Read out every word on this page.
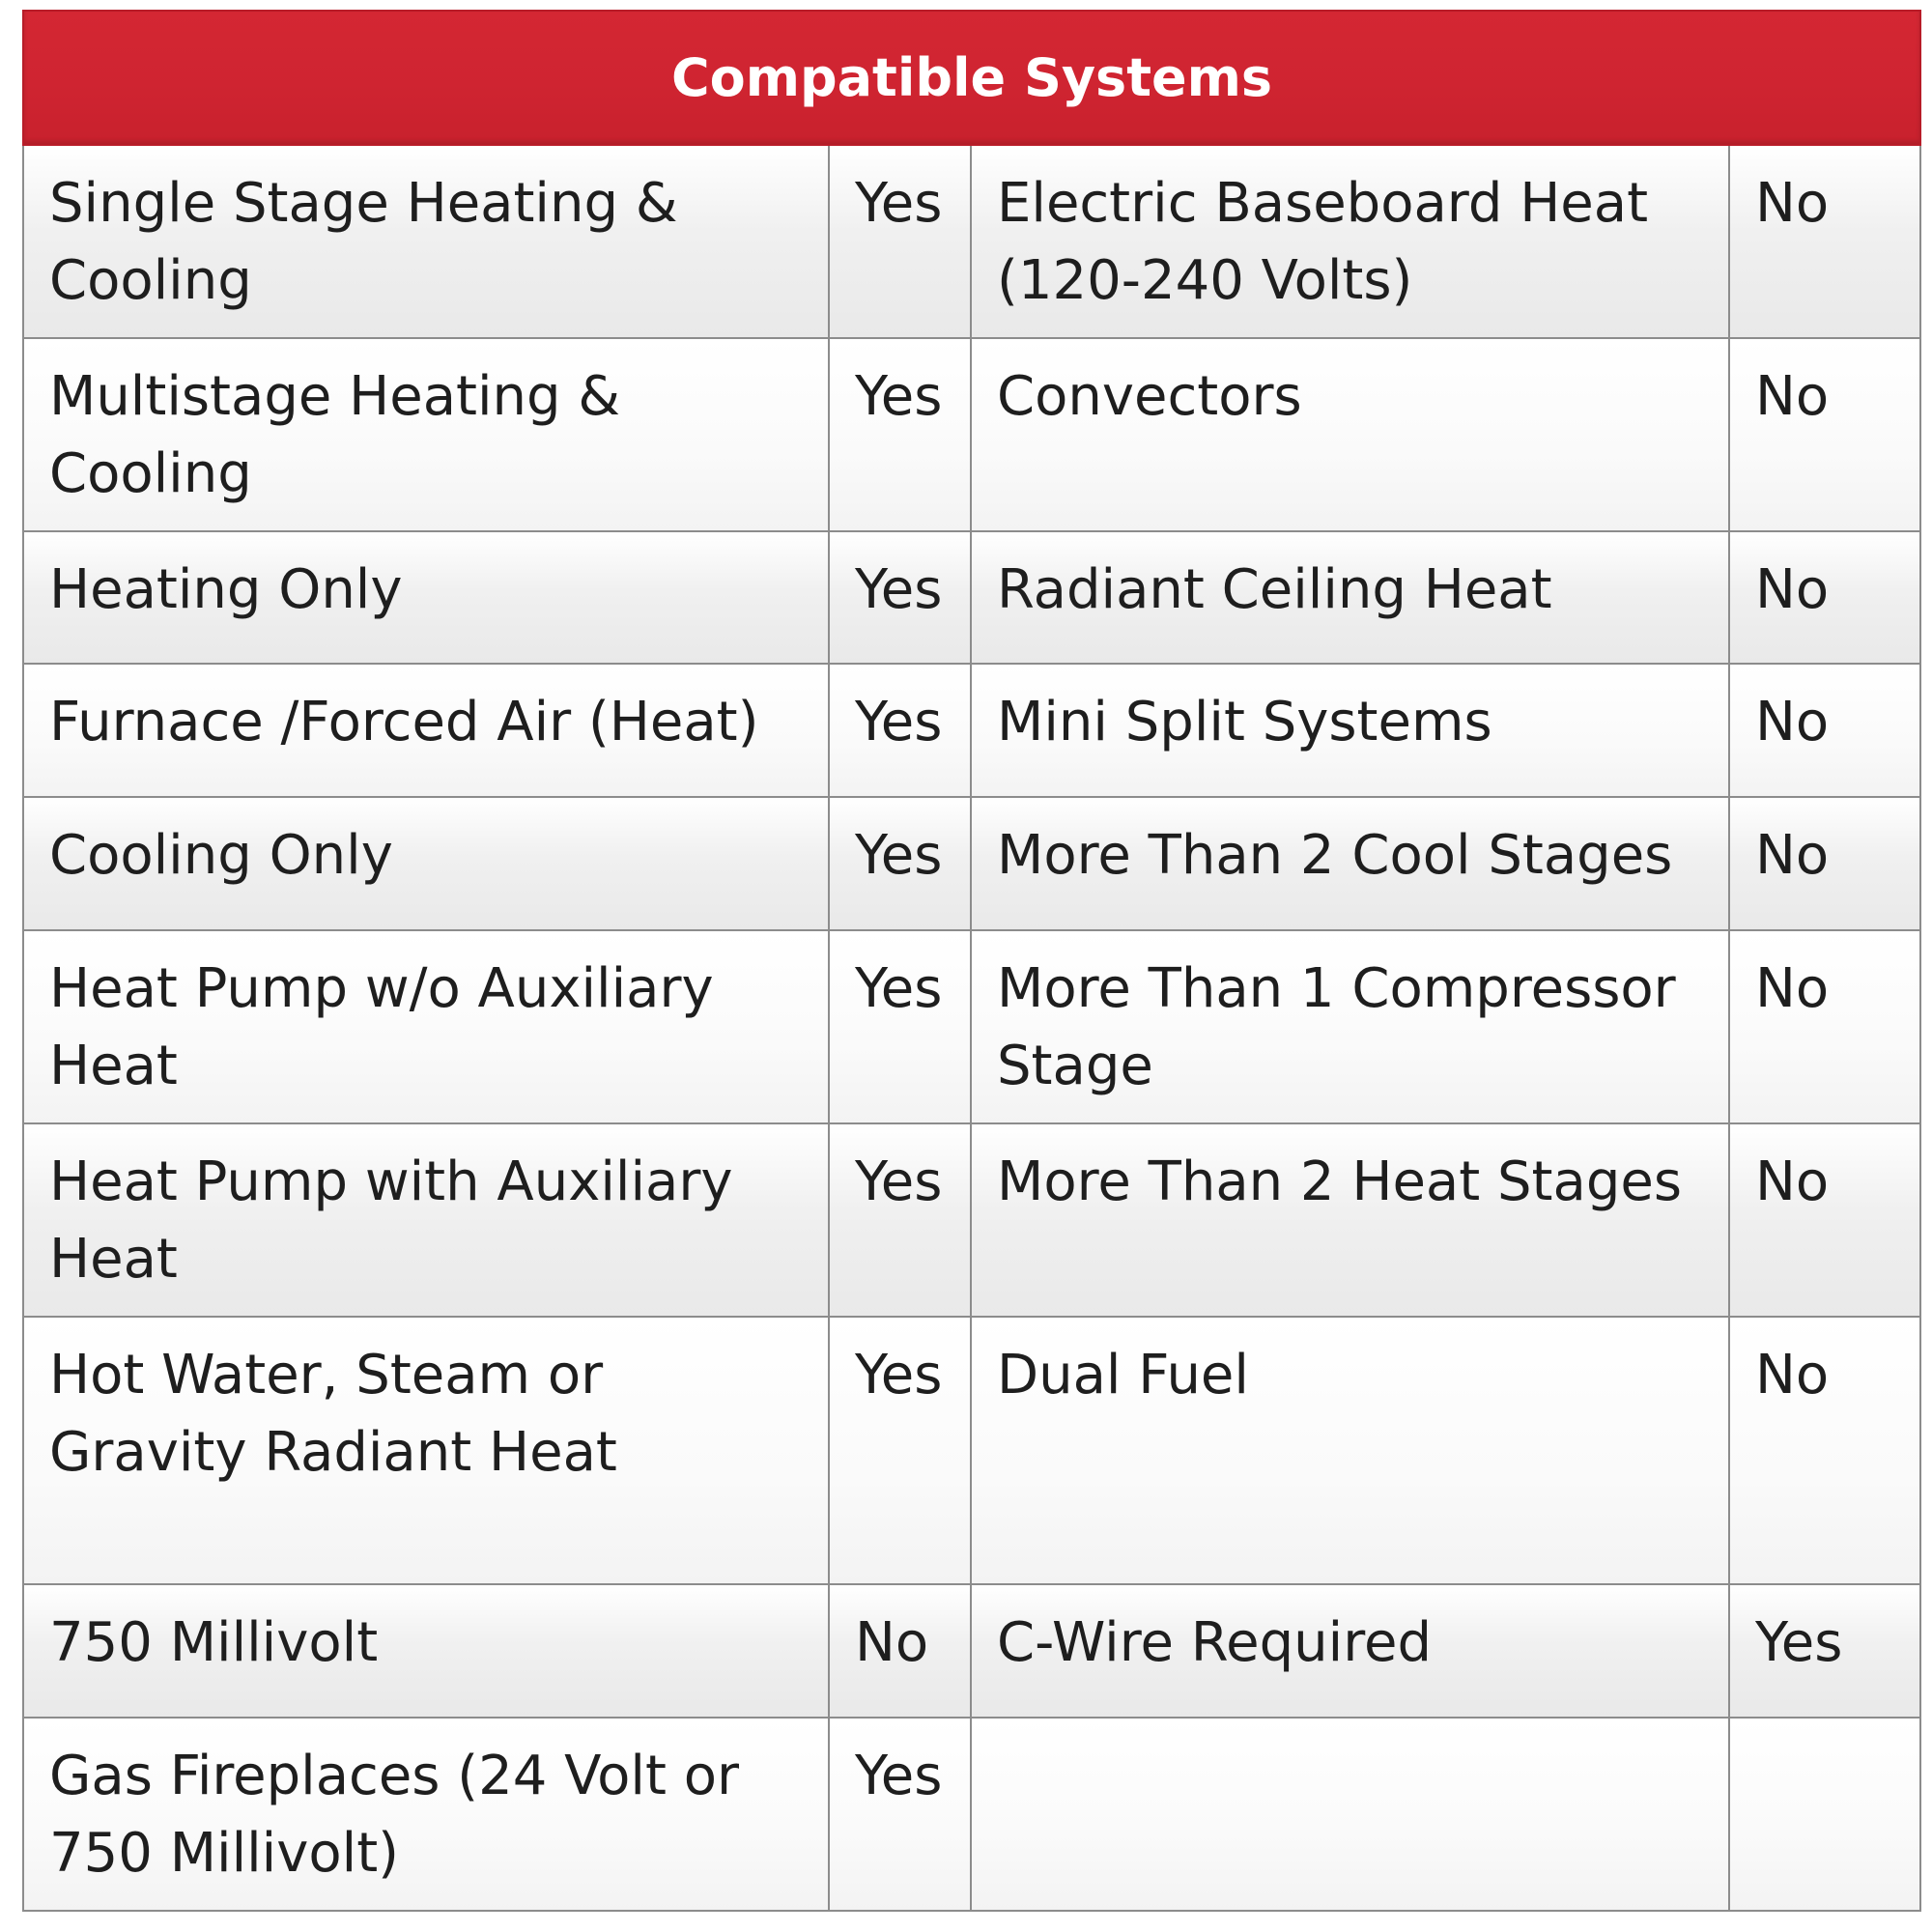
Compatible Systems			
Single Stage Heating & Cooling	Yes	Electric Baseboard Heat (120-240 Volts)	No
Multistage Heating & Cooling	Yes	Convectors	No
Heating Only	Yes	Radiant Ceiling Heat	No
Furnace /Forced Air (Heat)	Yes	Mini Split Systems	No
Cooling Only	Yes	More Than 2 Cool Stages	No
Heat Pump w/o Auxiliary Heat	Yes	More Than 1 Compressor Stage	No
Heat Pump with Auxiliary Heat	Yes	More Than 2 Heat Stages	No
Hot Water, Steam or Gravity Radiant Heat	Yes	Dual Fuel	No
750 Millivolt	No	C-Wire Required	Yes
Gas Fireplaces (24 Volt or 750 Millivolt)	Yes		
